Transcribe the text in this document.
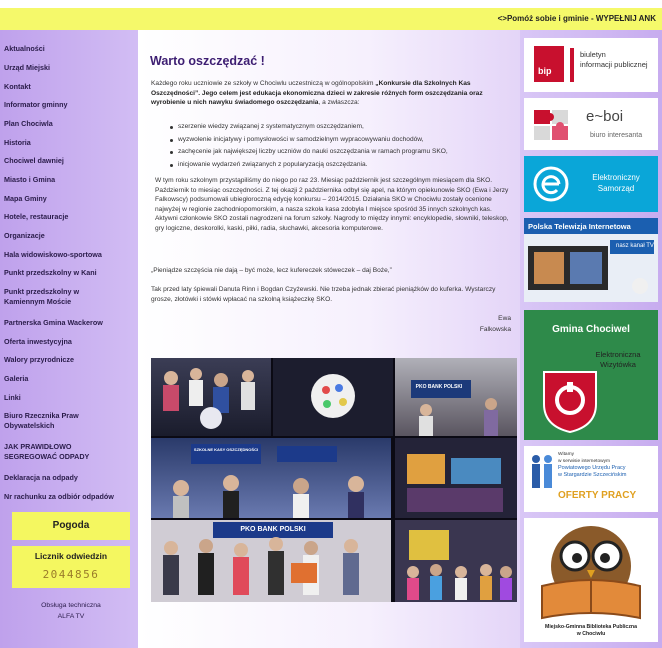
<>Pomóż sobie i gminie - WYPEŁNIJ ANK
Aktualności
Urząd Miejski
Kontakt
Informator gminny
Plan Chociwla
Historia
Chociwel dawniej
Miasto i Gmina
Mapa Gminy
Hotele, restauracje
Organizacje
Hala widowiskowo-sportowa
Punkt przedszkolny w Kani
Punkt przedszkolny w Kamiennym Moście
Partnerska Gmina Wackerow
Oferta inwestycyjna
Walory przyrodnicze
Galeria
Linki
Biuro Rzecznika Praw Obywatelskich
JAK PRAWIDŁOWO SEGREGOWAĆ ODPADY
Deklaracja na odpady
Nr rachunku za odbiór odpadów
Pogoda
Licznik odwiedzin
2044856
Obsługa techniczna
ALFA TV
Warto oszczędzać !
Każdego roku uczniowie ze szkoły w Chociwlu uczestniczą w ogólnopolskim „Konkursie dla Szkolnych Kas Oszczędności”. Jego celem jest edukacja ekonomiczna dzieci w zakresie różnych form oszczędzania oraz wyrobienie u nich nawyku świadomego oszczędzania, a zwłaszcza:
szerzenie wiedzy związanej z systematycznym oszczędzaniem,
wyzwolenie inicjatywy i pomysłowości w samodzielnym wypracowywaniu dochodów,
zachęcenie jak największej liczby uczniów do nauki oszczędzania w ramach programu SKO,
inicjowanie wydarzeń związanych z popularyzacją oszczędzania.
W tym roku szkolnym przystąpiliśmy do niego po raz 23. Miesiąc październik jest szczególnym miesiącem dla SKO. Październik to miesiąc oszczędności. Z tej okazji 2 października odbył się apel, na którym opiekunowie SKO (Ewa i Jerzy Falkowscy) podsumowali ubiegłoroczną edycję konkursu – 2014/2015. Działania SKO w Chociwlu zostały ocenione najwyżej w regionie zachodniopomorskim, a nasza szkoła kasa zdobyła I miejsce spośród 35 innych szkolnych kas. Aktywni członkowie SKO zostali nagrodzeni na forum szkoły. Nagrody to między innymi: encyklopedie, słowniki, teleskop, gry logiczne, deskorolki, kaski, piłki, radia, słuchawki, akcesoria komputerowe.
„Pieniądze szczęścia nie dają – być może, lecz kufereczek stóweczek – daj Boże,”
Tak przed laty śpiewali Danuta Rinn i Bogdan Czyżewski. Nie trzeba jednak zbierać pieniążków do kuferka. Wystarczy grosze, złotówki i stówki wpłacać na szkolną książeczkę SKO.
Ewa
Falkowska
SZKOLNE KASY OSZCZĘDNOŚCI
PKO BANK POLSKI
PKO BANK POLSKI
bip
biuletyn
informacji publicznej
e~boi
biuro interesanta
Elektroniczny
Samorząd
Polska Telewizja Internetowa
nasz kanał TV
Gmina Chociwel
Elektroniczna
Wizytówka
Witamy
w serwisie internetowym
Powiatowego Urzędu Pracy
w Stargardzie Szczecińskim
OFERTY PRACY
Miejsko-Gminna Biblioteka Publiczna
w Chociwlu
